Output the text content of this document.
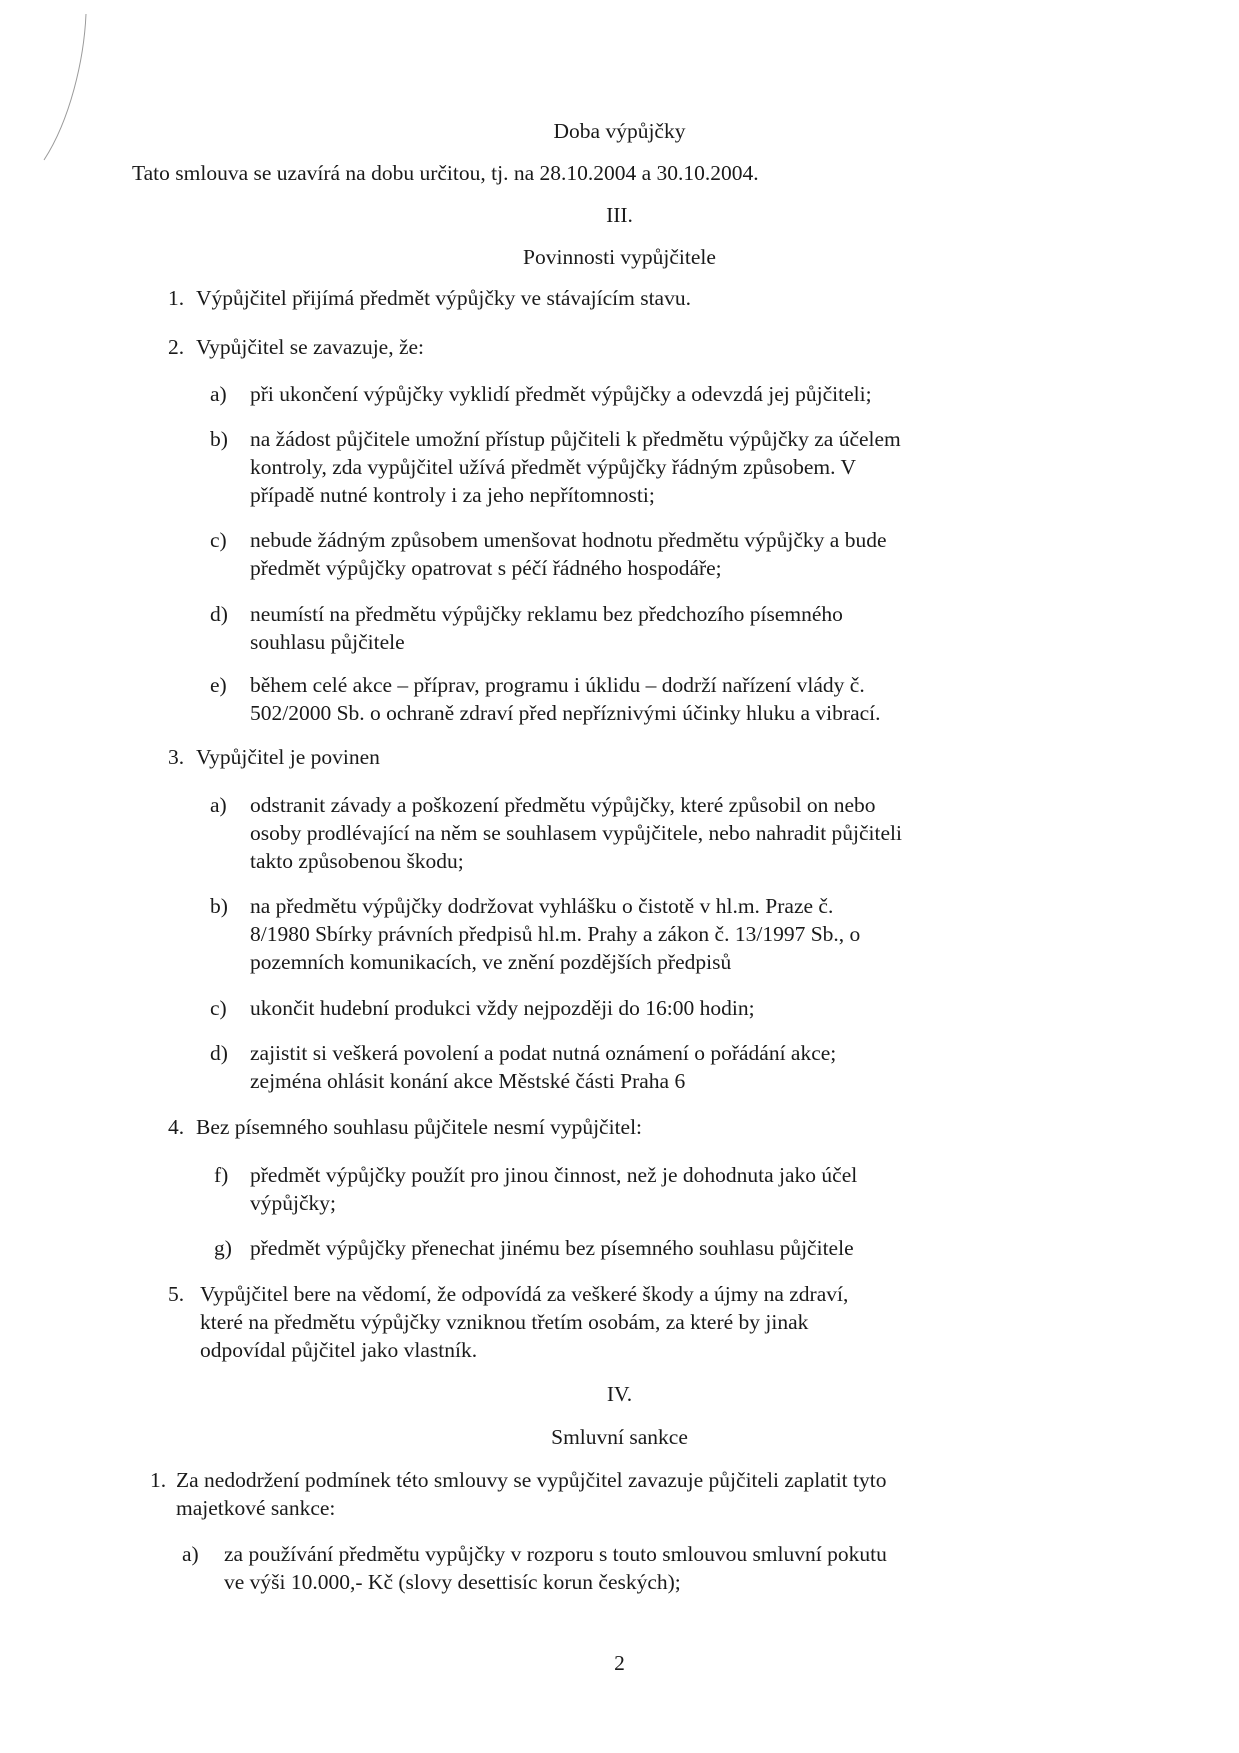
Doba výpůjčky
Tato smlouva se uzavírá na dobu určitou, tj. na 28.10.2004 a 30.10.2004.
III.
Povinnosti vypůjčitele
1. Výpůjčitel přijímá předmět výpůjčky ve stávajícím stavu.
2. Vypůjčitel se zavazuje, že:
a) při ukončení výpůjčky vyklidí předmět výpůjčky a odevzdá jej půjčiteli;
b) na žádost půjčitele umožní přístup půjčiteli k předmětu výpůjčky za účelem
kontroly, zda vypůjčitel užívá předmět výpůjčky řádným způsobem. V
případě nutné kontroly i za jeho nepřítomnosti;
c) nebude žádným způsobem umenšovat hodnotu předmětu výpůjčky a bude
předmět výpůjčky opatrovat s péčí řádného hospodáře;
d) neumístí na předmětu výpůjčky reklamu bez předchozího písemného
souhlasu půjčitele
e) během celé akce – příprav, programu i úklidu – dodrží nařízení vlády č.
502/2000 Sb. o ochraně zdraví před nepříznivými účinky hluku a vibrací.
3. Vypůjčitel je povinen
a) odstranit závady a poškození předmětu výpůjčky, které způsobil on nebo
osoby prodlévající na něm se souhlasem vypůjčitele, nebo nahradit půjčiteli
takto způsobenou škodu;
b) na předmětu výpůjčky dodržovat vyhlášku o čistotě v hl.m. Praze č.
8/1980 Sbírky právních předpisů hl.m. Prahy a zákon č. 13/1997 Sb., o
pozemních komunikacích, ve znění pozdějších předpisů
c) ukončit hudební produkci vždy nejpozději do 16:00 hodin;
d) zajistit si veškerá povolení a podat nutná oznámení o pořádání akce;
zejména ohlásit konání akce Městské části Praha 6
4. Bez písemného souhlasu půjčitele nesmí vypůjčitel:
f) předmět výpůjčky použít pro jinou činnost, než je dohodnuta jako účel
výpůjčky;
g) předmět výpůjčky přenechat jinému bez písemného souhlasu půjčitele
5. Vypůjčitel bere na vědomí, že odpovídá za veškeré škody a újmy na zdraví,
které na předmětu výpůjčky vzniknou třetím osobám, za které by jinak
odpovídal půjčitel jako vlastník.
IV.
Smluvní sankce
1. Za nedodržení podmínek této smlouvy se vypůjčitel zavazuje půjčiteli zaplatit tyto
majetkové sankce:
a) za používání předmětu vypůjčky v rozporu s touto smlouvou smluvní pokutu
ve výši 10.000,- Kč (slovy desettisíc korun českých);
2
